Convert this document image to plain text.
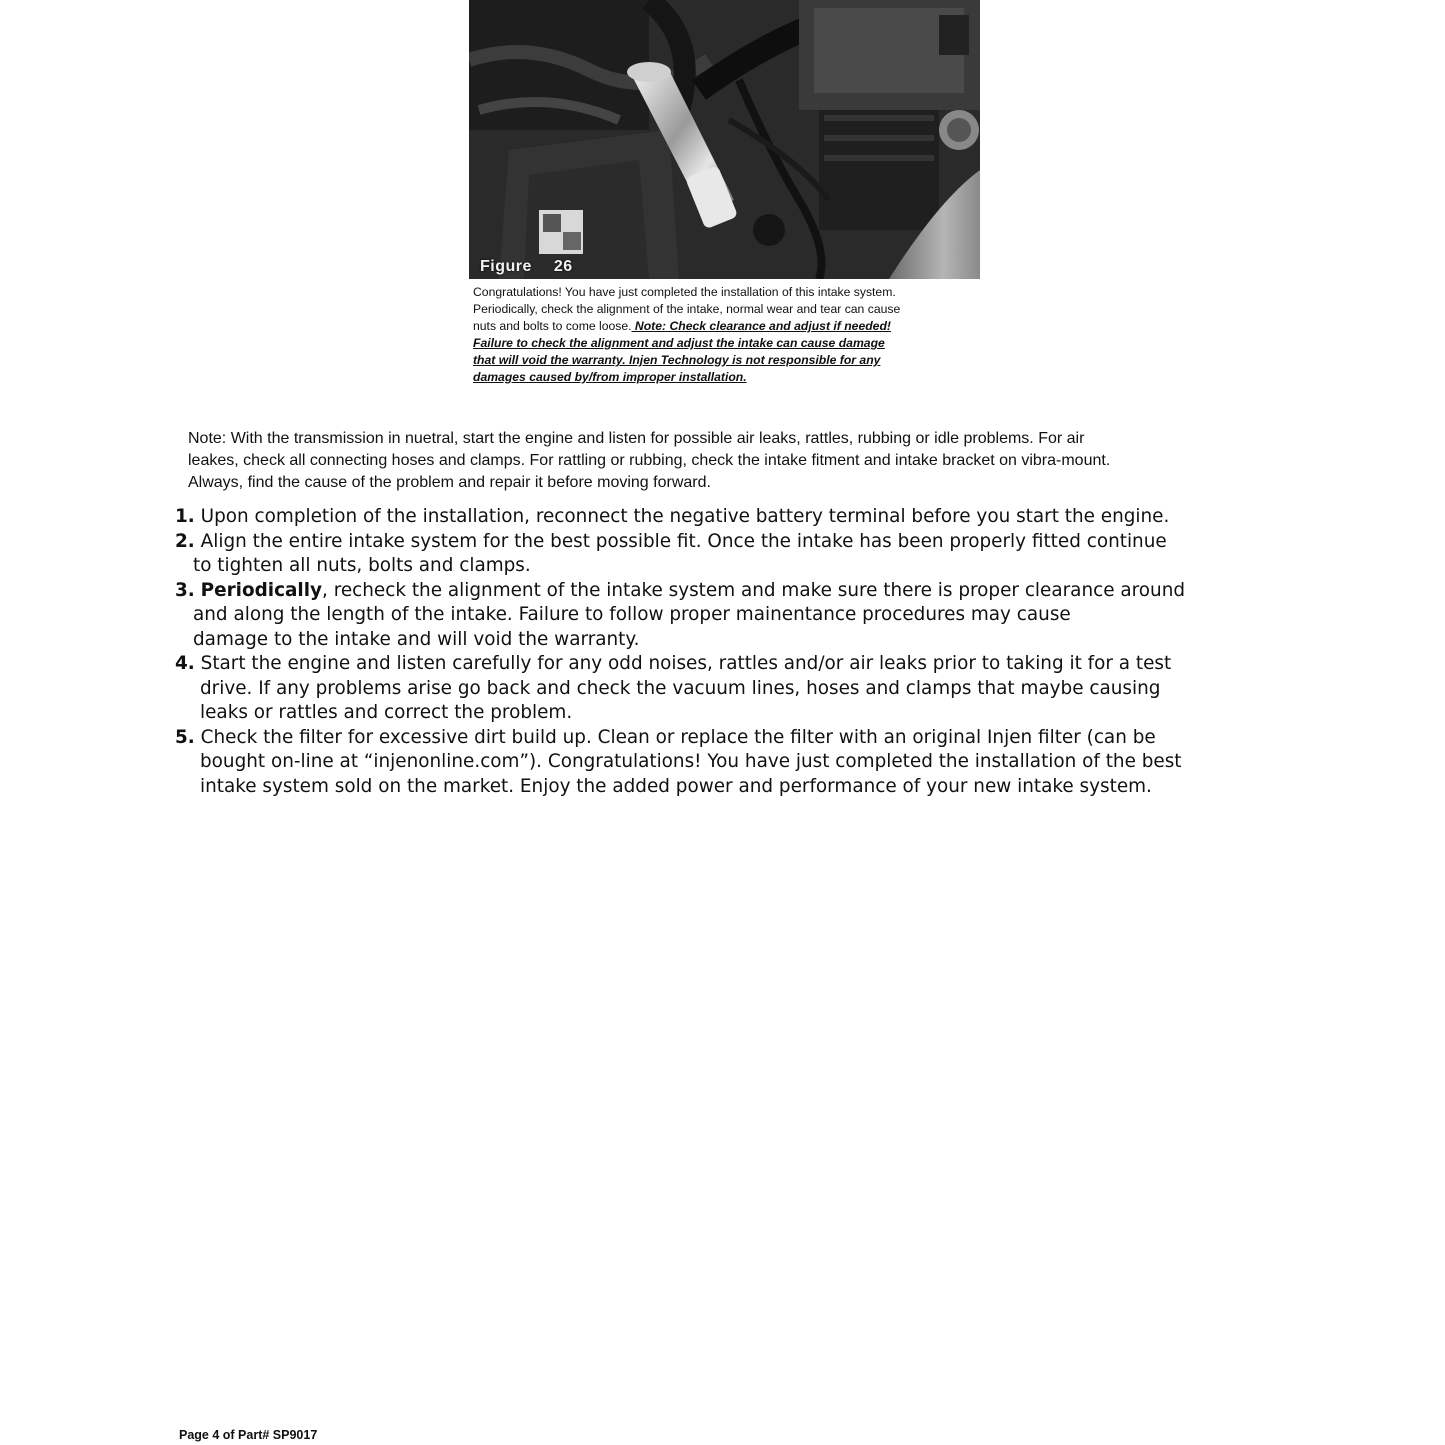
Figure 26
Congratulations! You have just completed the installation of this intake system.
Periodically, check the alignment of the intake, normal wear and tear can cause
nuts and bolts to come loose. Note: Check clearance and adjust if needed!
Failure to check the alignment and adjust the intake can cause damage
that will void the warranty. Injen Technology is not responsible for any
damages caused by/from improper installation.
Note: With the transmission in nuetral, start the engine and listen for possible air leaks, rattles, rubbing or idle problems. For air
leakes, check all connecting hoses and clamps. For rattling or rubbing, check the intake fitment and intake bracket on vibra-mount.
Always, find the cause of the problem and repair it before moving forward.
1. Upon completion of the installation, reconnect the negative battery terminal before you start the engine.
2. Align the entire intake system for the best possible fit. Once the intake has been properly fitted continue
to tighten all nuts, bolts and clamps.
3. Periodically, recheck the alignment of the intake system and make sure there is proper clearance around
and along the length of the intake. Failure to follow proper mainentance procedures may cause
damage to the intake and will void the warranty.
4. Start the engine and listen carefully for any odd noises, rattles and/or air leaks prior to taking it for a test
drive. If any problems arise go back and check the vacuum lines, hoses and clamps that maybe causing
leaks or rattles and correct the problem.
5. Check the filter for excessive dirt build up. Clean or replace the filter with an original Injen filter (can be
bought on-line at “injenonline.com”). Congratulations! You have just completed the installation of the best
intake system sold on the market. Enjoy the added power and performance of your new intake system.
Page 4 of Part# SP9017
